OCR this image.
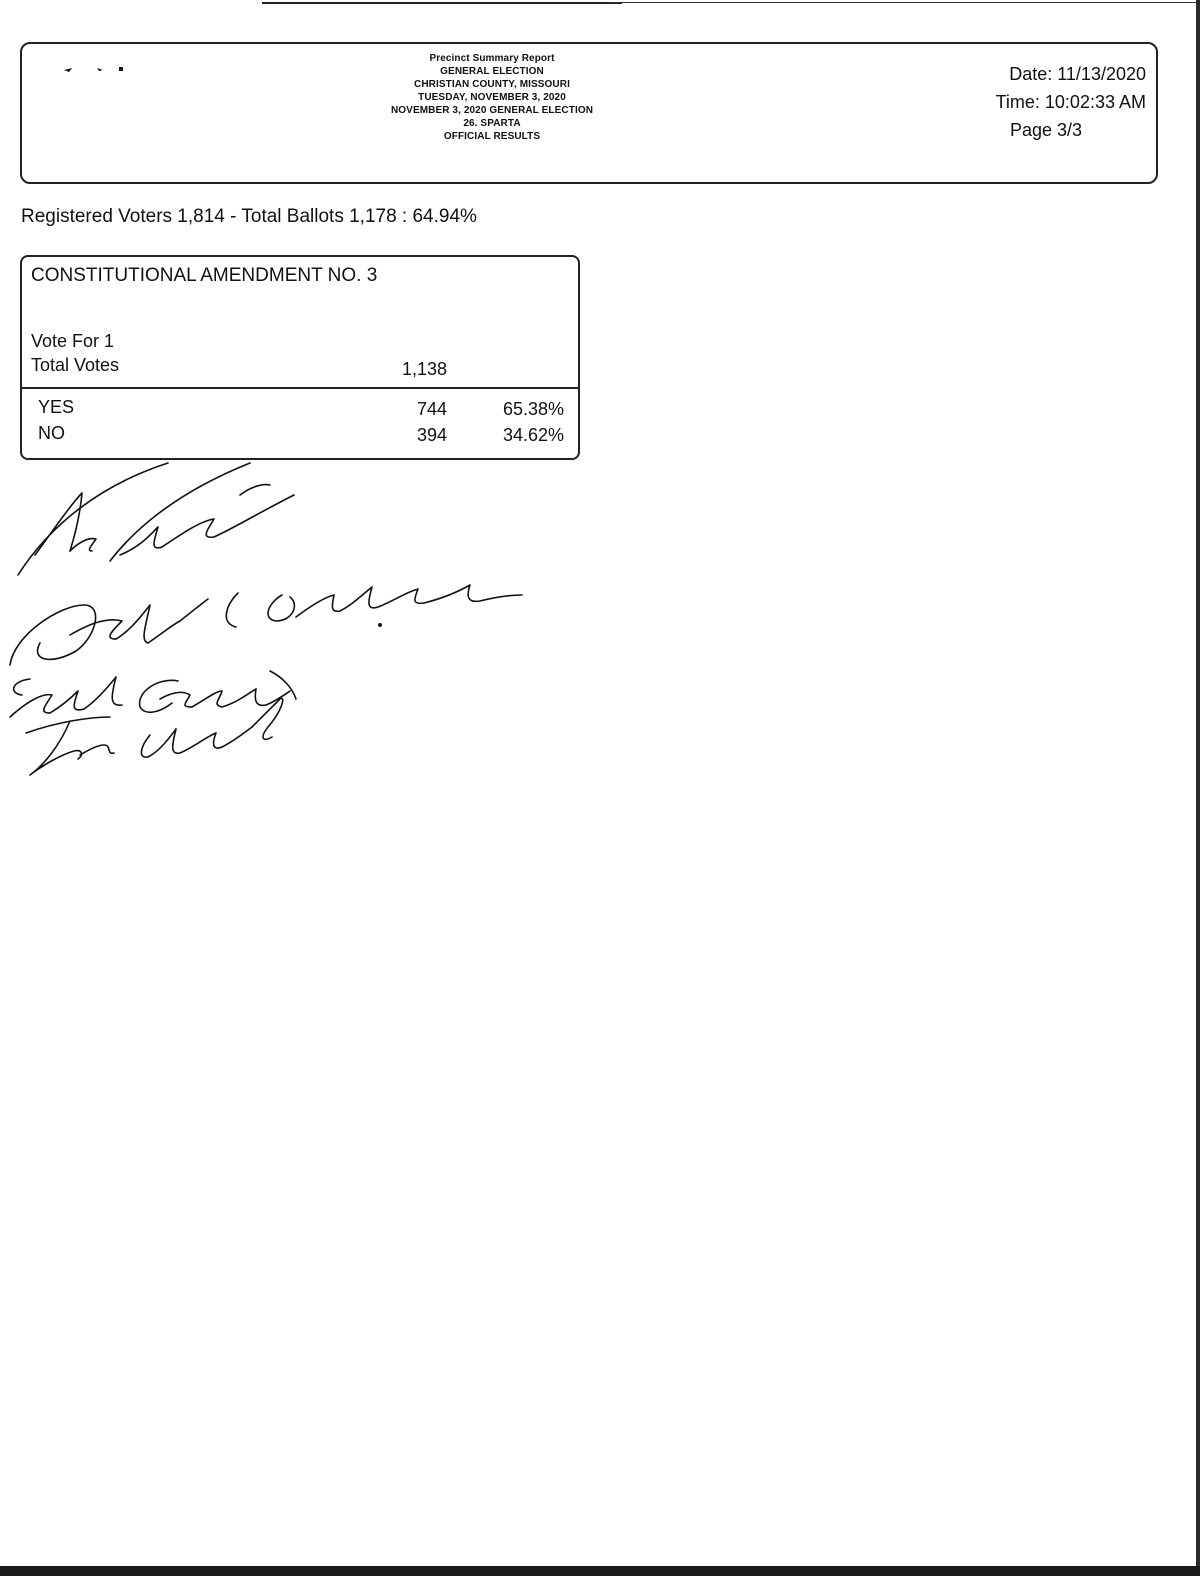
Precinct Summary Report
GENERAL ELECTION
CHRISTIAN COUNTY, MISSOURI
TUESDAY, NOVEMBER 3, 2020
NOVEMBER 3, 2020 GENERAL ELECTION
26. SPARTA
OFFICIAL RESULTS
Date: 11/13/2020
Time: 10:02:33 AM
Page 3/3
Registered Voters 1,814 - Total Ballots 1,178 : 64.94%
CONSTITUTIONAL AMENDMENT NO. 3
Vote For 1
Total Votes	1,138
YES	744	65.38%
NO	394	34.62%
